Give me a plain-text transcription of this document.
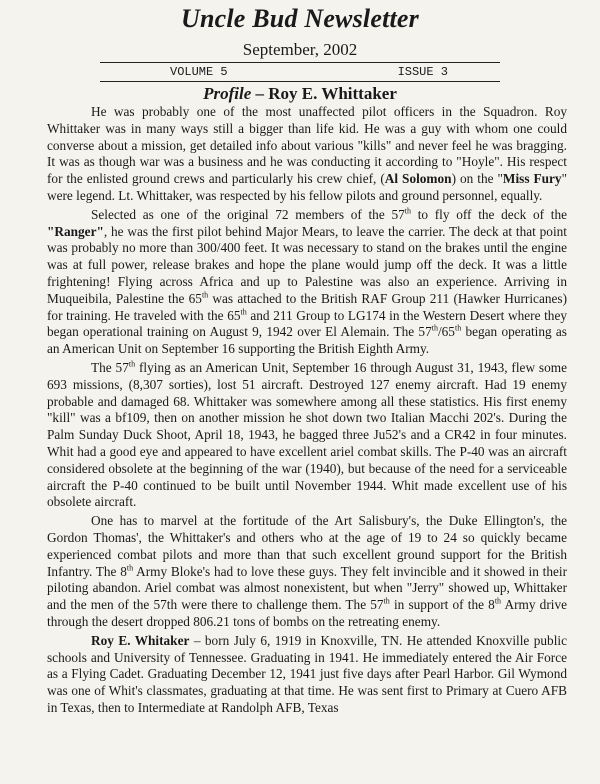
Uncle Bud Newsletter
September, 2002
VOLUME 5	ISSUE 3
Profile – Roy E. Whittaker

He was probably one of the most unaffected pilot officers in the Squadron. Roy Whittaker was in many ways still a bigger than life kid. He was a guy with whom one could converse about a mission, get detailed info about various "kills" and never feel he was bragging. It was as though war was a business and he was conducting it according to "Hoyle". His respect for the enlisted ground crews and particularly his crew chief, (Al Solomon) on the "Miss Fury" were legend. Lt. Whittaker, was respected by his fellow pilots and ground personnel, equally.

Selected as one of the original 72 members of the 57th to fly off the deck of the "Ranger", he was the first pilot behind Major Mears, to leave the carrier. The deck at that point was probably no more than 300/400 feet. It was necessary to stand on the brakes until the engine was at full power, release brakes and hope the plane would jump off the deck. It was a little frightening! Flying across Africa and up to Palestine was also an experience. Arriving in Muqueibila, Palestine the 65th was attached to the British RAF Group 211 (Hawker Hurricanes) for training. He traveled with the 65th and 211 Group to LG174 in the Western Desert where they began operational training on August 9, 1942 over El Alemain. The 57th/65th began operating as an American Unit on September 16 supporting the British Eighth Army.

The 57th flying as an American Unit, September 16 through August 31, 1943, flew some 693 missions, (8,307 sorties), lost 51 aircraft. Destroyed 127 enemy aircraft. Had 19 enemy probable and damaged 68. Whittaker was somewhere among all these statistics. His first enemy "kill" was a bf109, then on another mission he shot down two Italian Macchi 202's. During the Palm Sunday Duck Shoot, April 18, 1943, he bagged three Ju52's and a CR42 in four minutes. Whit had a good eye and appeared to have excellent ariel combat skills. The P-40 was an aircraft considered obsolete at the beginning of the war (1940), but because of the need for a serviceable aircraft the P-40 continued to be built until November 1944. Whit made excellent use of his obsolete aircraft.

One has to marvel at the fortitude of the Art Salisbury's, the Duke Ellington's, the Gordon Thomas', the Whittaker's and others who at the age of 19 to 24 so quickly became experienced combat pilots and more than that such excellent ground support for the British Infantry. The 8th Army Bloke's had to love these guys. They felt invincible and it showed in their piloting abandon. Ariel combat was almost nonexistent, but when "Jerry" showed up, Whittaker and the men of the 57th were there to challenge them. The 57th in support of the 8th Army drive through the desert dropped 806.21 tons of bombs on the retreating enemy.

Roy E. Whitaker – born July 6, 1919 in Knoxville, TN. He attended Knoxville public schools and University of Tennessee. Graduating in 1941. He immediately entered the Air Force as a Flying Cadet. Graduating December 12, 1941 just five days after Pearl Harbor. Gil Wymond was one of Whit's classmates, graduating at that time. He was sent first to Primary at Cuero AFB in Texas, then to Intermediate at Randolph AFB, Texas
